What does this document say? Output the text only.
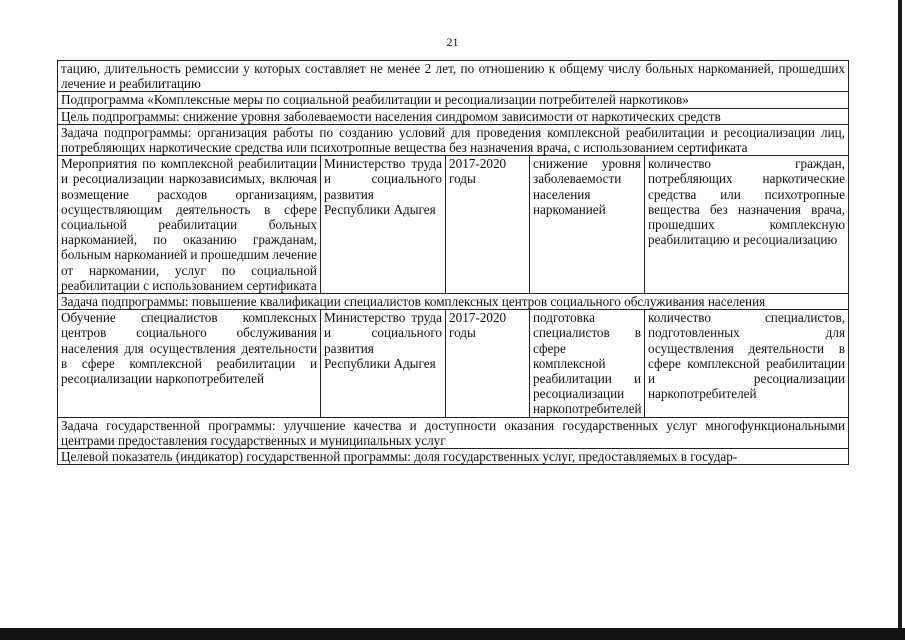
21
тацию, длительность ремиссии у которых составляет не менее 2 лет, по отношению к общему числу больных наркоманией, прошедших лечение и реабилитацию				
Подпрограмма «Комплексные меры по социальной реабилитации и ресоциализации потребителей наркотиков»				
Цель подпрограммы: снижение уровня заболеваемости населения синдромом зависимости от наркотических средств				
Задача подпрограммы: организация работы по созданию условий для проведения комплексной реабилитации и ресоциализации лиц, потребляющих наркотические средства или психотропные вещества без назначения врача, с использованием сертификата				
Мероприятия по комплексной реабилитации и ресоциализации наркозависимых, включая возмещение расходов организациям, осуществляющим деятельность в сфере социальной реабилитации больных наркоманией, по оказанию гражданам, больным наркоманией и прошедшим лечение от наркомании, услуг по социальной реабилитации с использованием сертификата	Министерство труда и социального развития Республики Адыгея	2017-2020 годы	снижение уровня заболеваемости населения наркоманией	количество граждан, потребляющих наркотические средства или психотропные вещества без назначения врача, прошедших комплексную реабилитацию и ресоциализацию
Задача подпрограммы: повышение квалификации специалистов комплексных центров социального обслуживания населения				
Обучение специалистов комплексных центров социального обслуживания населения для осуществления деятельности в сфере комплексной реабилитации и ресоциализации наркопотребителей	Министерство труда и социального развития Республики Адыгея	2017-2020 годы	подготовка специалистов в сфере комплексной реабилитации и ресоциализации наркопотребителей	количество специалистов, подготовленных для осуществления деятельности в сфере комплексной реабилитации и ресоциализации наркопотребителей
Задача государственной программы: улучшение качества и доступности оказания государственных услуг многофункциональными центрами предоставления государственных и муниципальных услуг				
Целевой показатель (индикатор) государственной программы: доля государственных услуг, предоставляемых в государ-				
